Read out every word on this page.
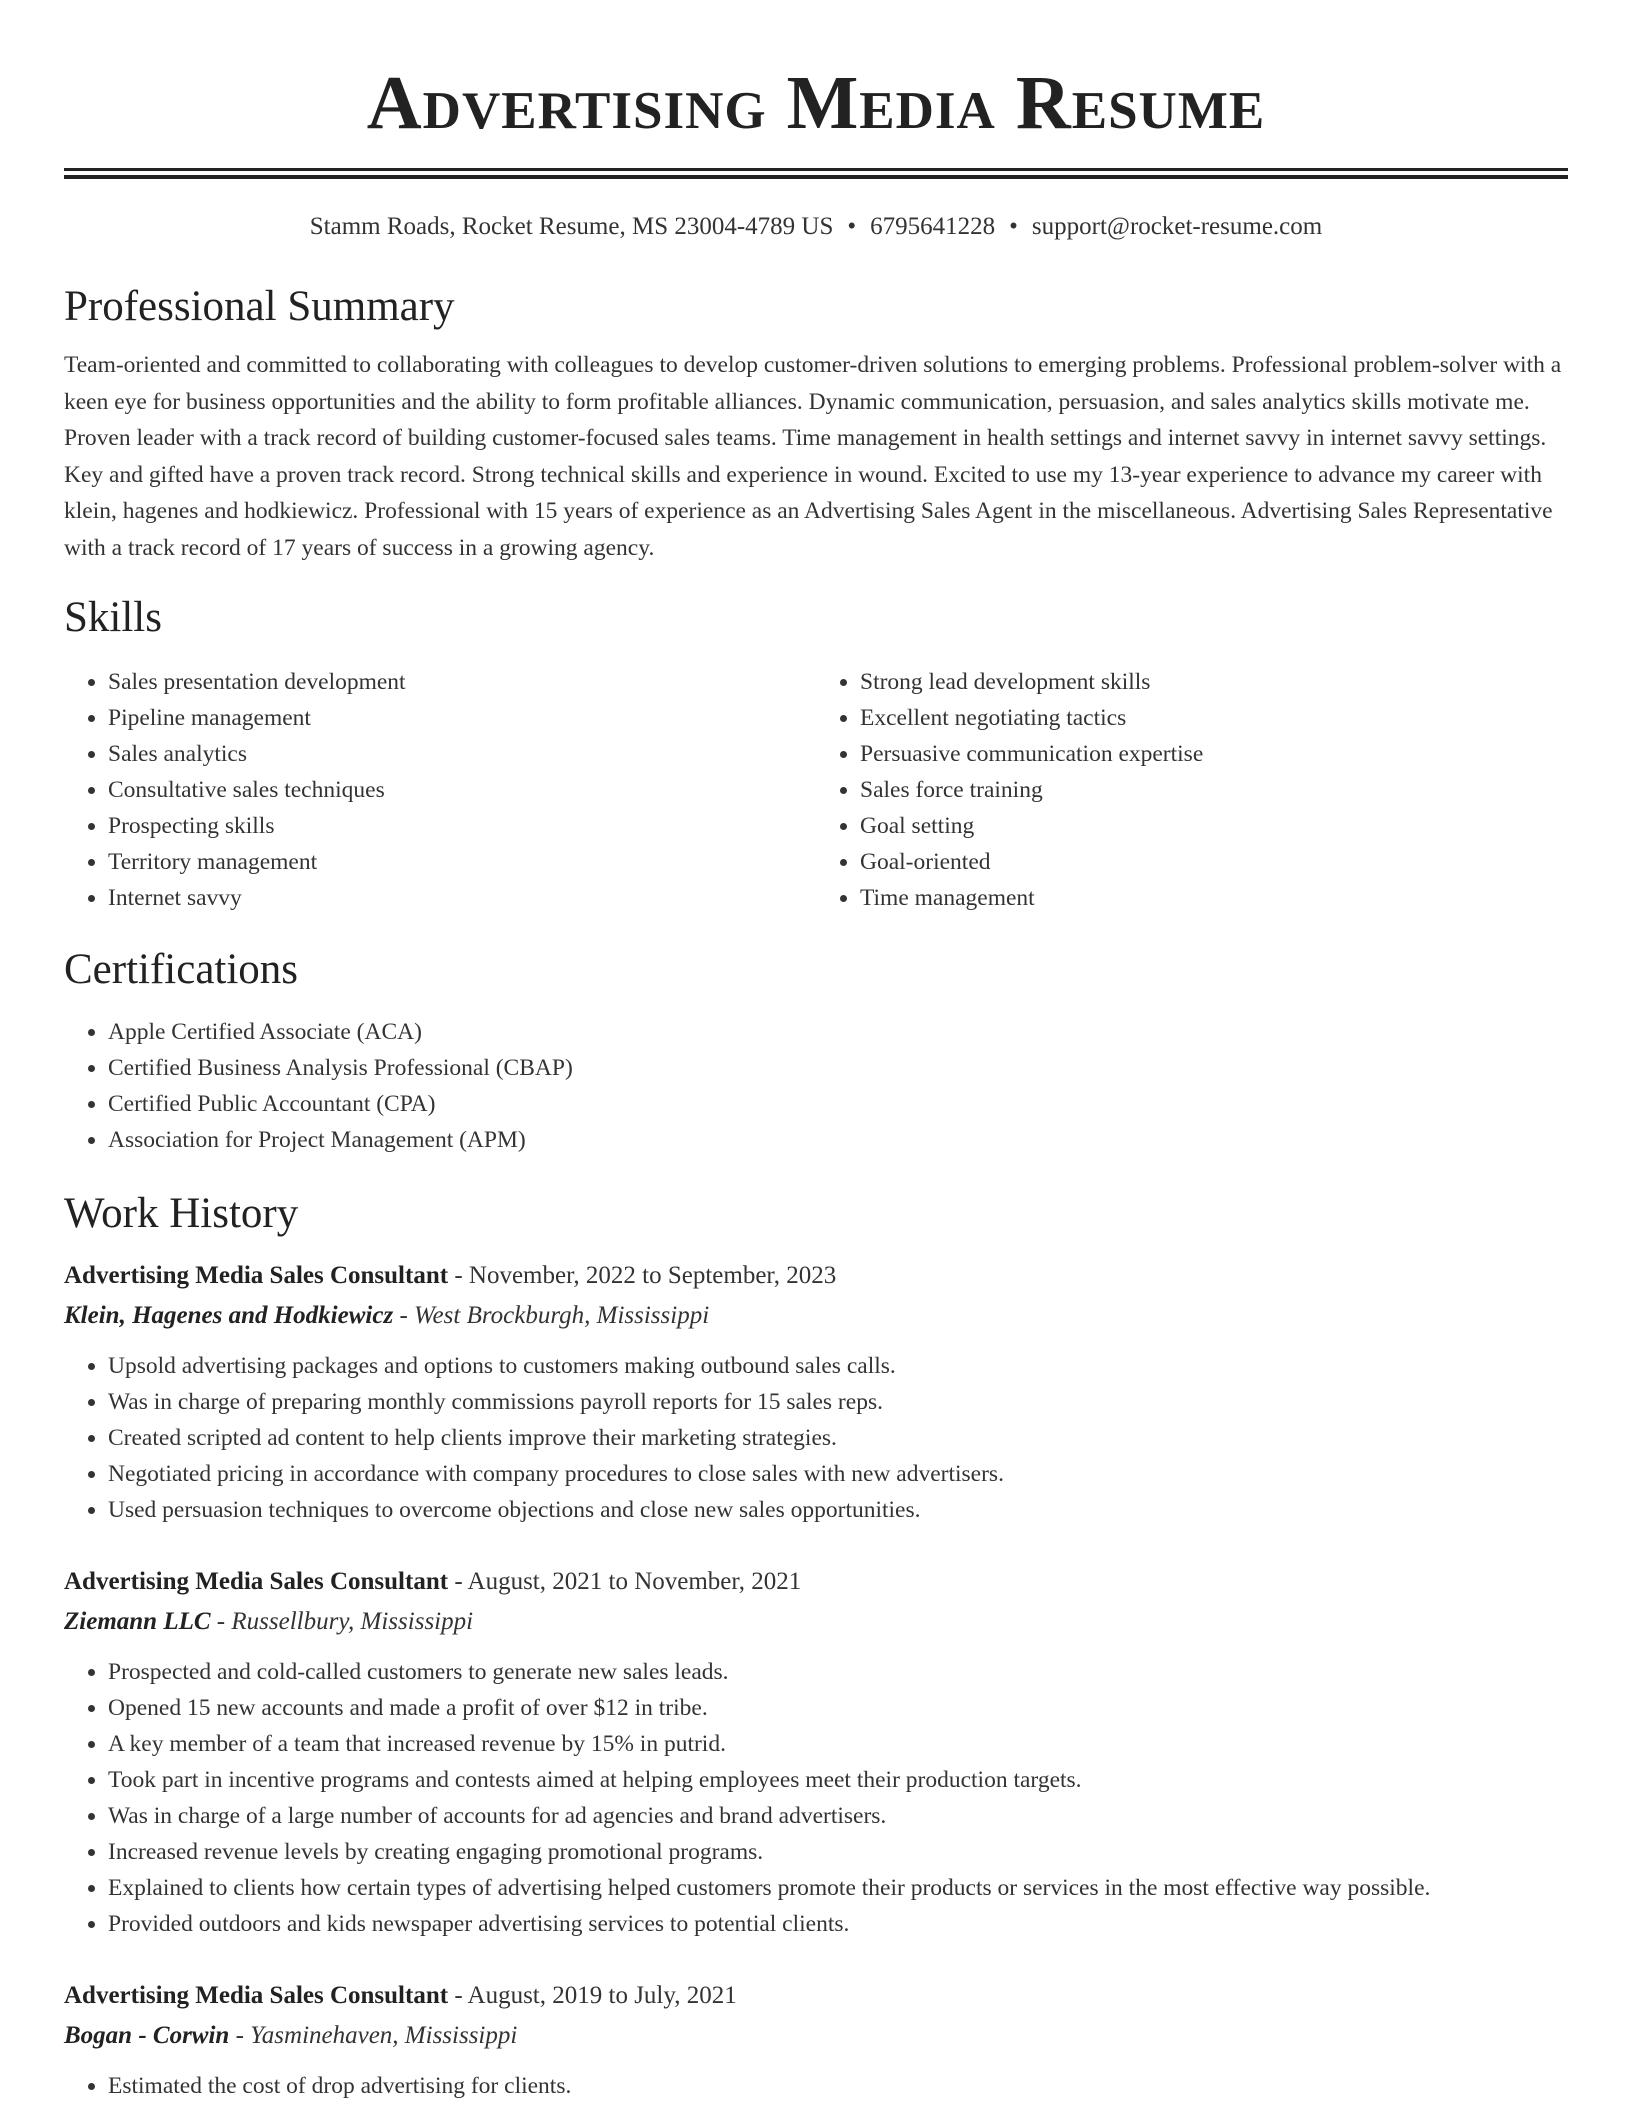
Advertising Media Resume
Stamm Roads, Rocket Resume, MS 23004-4789 US • 6795641228 • support@rocket-resume.com
Professional Summary
Team-oriented and committed to collaborating with colleagues to develop customer-driven solutions to emerging problems. Professional problem-solver with a keen eye for business opportunities and the ability to form profitable alliances. Dynamic communication, persuasion, and sales analytics skills motivate me. Proven leader with a track record of building customer-focused sales teams. Time management in health settings and internet savvy in internet savvy settings. Key and gifted have a proven track record. Strong technical skills and experience in wound. Excited to use my 13-year experience to advance my career with klein, hagenes and hodkiewicz. Professional with 15 years of experience as an Advertising Sales Agent in the miscellaneous. Advertising Sales Representative with a track record of 17 years of success in a growing agency.
Skills
• Sales presentation development
• Pipeline management
• Sales analytics
• Consultative sales techniques
• Prospecting skills
• Territory management
• Internet savvy
• Strong lead development skills
• Excellent negotiating tactics
• Persuasive communication expertise
• Sales force training
• Goal setting
• Goal-oriented
• Time management
Certifications
• Apple Certified Associate (ACA)
• Certified Business Analysis Professional (CBAP)
• Certified Public Accountant (CPA)
• Association for Project Management (APM)
Work History
Advertising Media Sales Consultant - November, 2022 to September, 2023
Klein, Hagenes and Hodkiewicz - West Brockburgh, Mississippi
• Upsold advertising packages and options to customers making outbound sales calls.
• Was in charge of preparing monthly commissions payroll reports for 15 sales reps.
• Created scripted ad content to help clients improve their marketing strategies.
• Negotiated pricing in accordance with company procedures to close sales with new advertisers.
• Used persuasion techniques to overcome objections and close new sales opportunities.
Advertising Media Sales Consultant - August, 2021 to November, 2021
Ziemann LLC - Russellbury, Mississippi
• Prospected and cold-called customers to generate new sales leads.
• Opened 15 new accounts and made a profit of over $12 in tribe.
• A key member of a team that increased revenue by 15% in putrid.
• Took part in incentive programs and contests aimed at helping employees meet their production targets.
• Was in charge of a large number of accounts for ad agencies and brand advertisers.
• Increased revenue levels by creating engaging promotional programs.
• Explained to clients how certain types of advertising helped customers promote their products or services in the most effective way possible.
• Provided outdoors and kids newspaper advertising services to potential clients.
Advertising Media Sales Consultant - August, 2019 to July, 2021
Bogan - Corwin - Yasminehaven, Mississippi
• Estimated the cost of drop advertising for clients.
